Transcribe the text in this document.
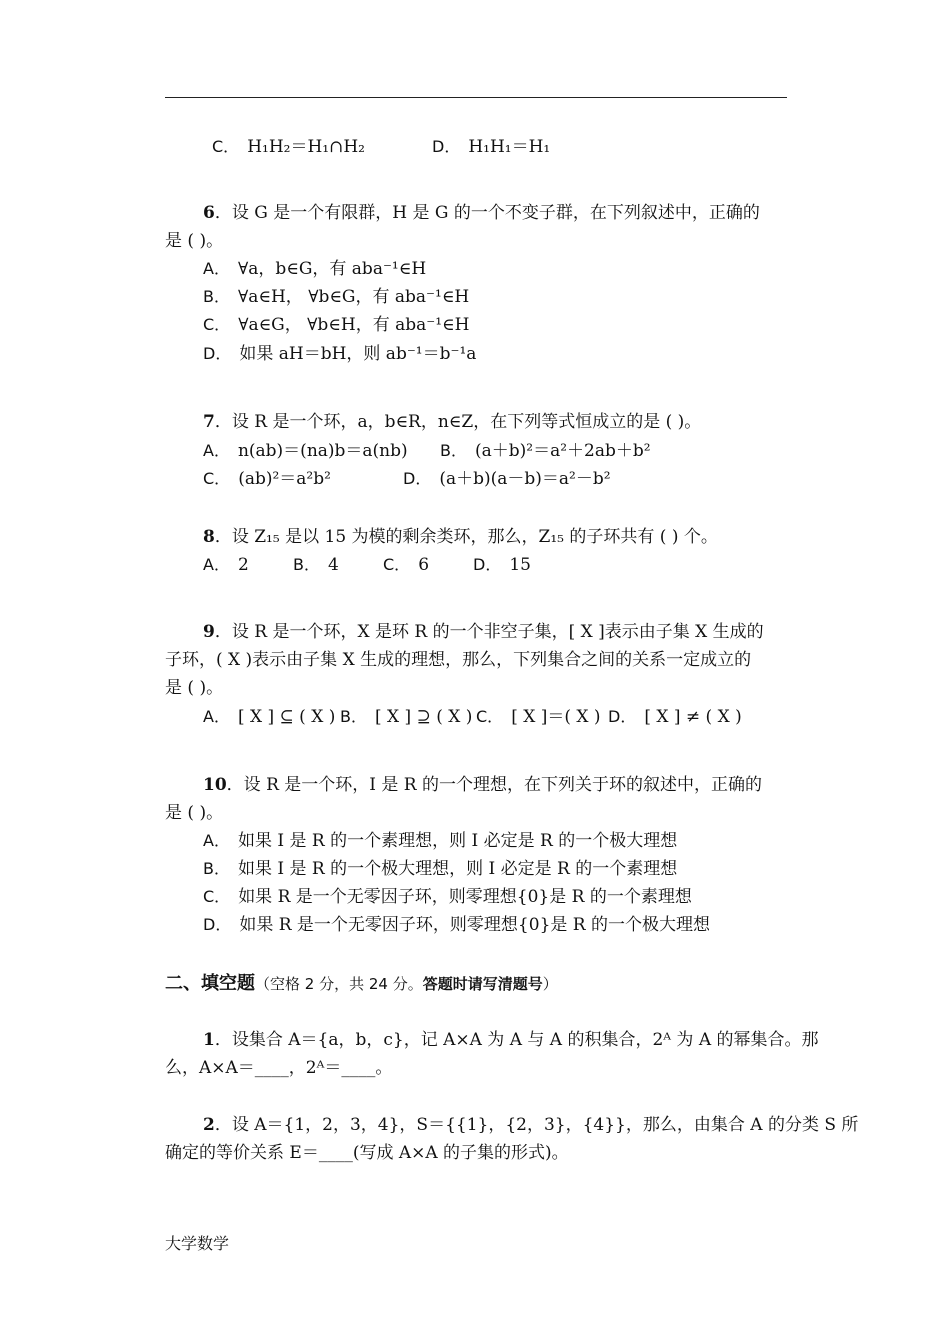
C． H₁H₂＝H₁∩H₂	D． H₁H₁＝H₁
6．设 G 是一个有限群，H 是 G 的一个不变子群，在下列叙述中，正确的
是 ( )。
A． ∀a，b∈G，有 aba⁻¹∈H
B． ∀a∈H， ∀b∈G，有 aba⁻¹∈H
C． ∀a∈G， ∀b∈H，有 aba⁻¹∈H
D． 如果 aH＝bH，则 ab⁻¹＝b⁻¹a
7．设 R 是一个环，a，b∈R，n∈Z，在下列等式恒成立的是 ( )。
A． n(ab)＝(na)b＝a(nb) B． (a＋b)²＝a²＋2ab＋b²
C． (ab)²＝a²b²	D． (a＋b)(a－b)＝a²－b²
8．设 Z₁₅ 是以 15 为模的剩余类环，那么，Z₁₅ 的子环共有 ( ) 个。
A． 2	B． 4	C． 6	D． 15
9．设 R 是一个环，X 是环 R 的一个非空子集，[ X ]表示由子集 X 生成的
子环，( X )表示由子集 X 生成的理想，那么，下列集合之间的关系一定成立的
是 ( )。
A． [ X ] ⊆ ( X ) B． [ X ] ⊇ ( X ) C． [ X ]＝( X ) D． [ X ] ≠ ( X )
10．设 R 是一个环，I 是 R 的一个理想，在下列关于环的叙述中，正确的
是 ( )。
A． 如果 I 是 R 的一个素理想，则 I 必定是 R 的一个极大理想
B． 如果 I 是 R 的一个极大理想，则 I 必定是 R 的一个素理想
C． 如果 R 是一个无零因子环，则零理想{0}是 R 的一个素理想
D． 如果 R 是一个无零因子环，则零理想{0}是 R 的一个极大理想
二、填空题（空格 2 分，共 24 分。答题时请写清题号）
1．设集合 A＝{a，b，c}，记 A×A 为 A 与 A 的积集合，2ᴬ 为 A 的幂集合。那
么，A×A＝____，2ᴬ＝____。
2．设 A＝{1，2，3，4}，S＝{{1}，{2，3}，{4}}，那么，由集合 A 的分类 S 所
确定的等价关系 E＝____(写成 A×A 的子集的形式)。
大学数学
